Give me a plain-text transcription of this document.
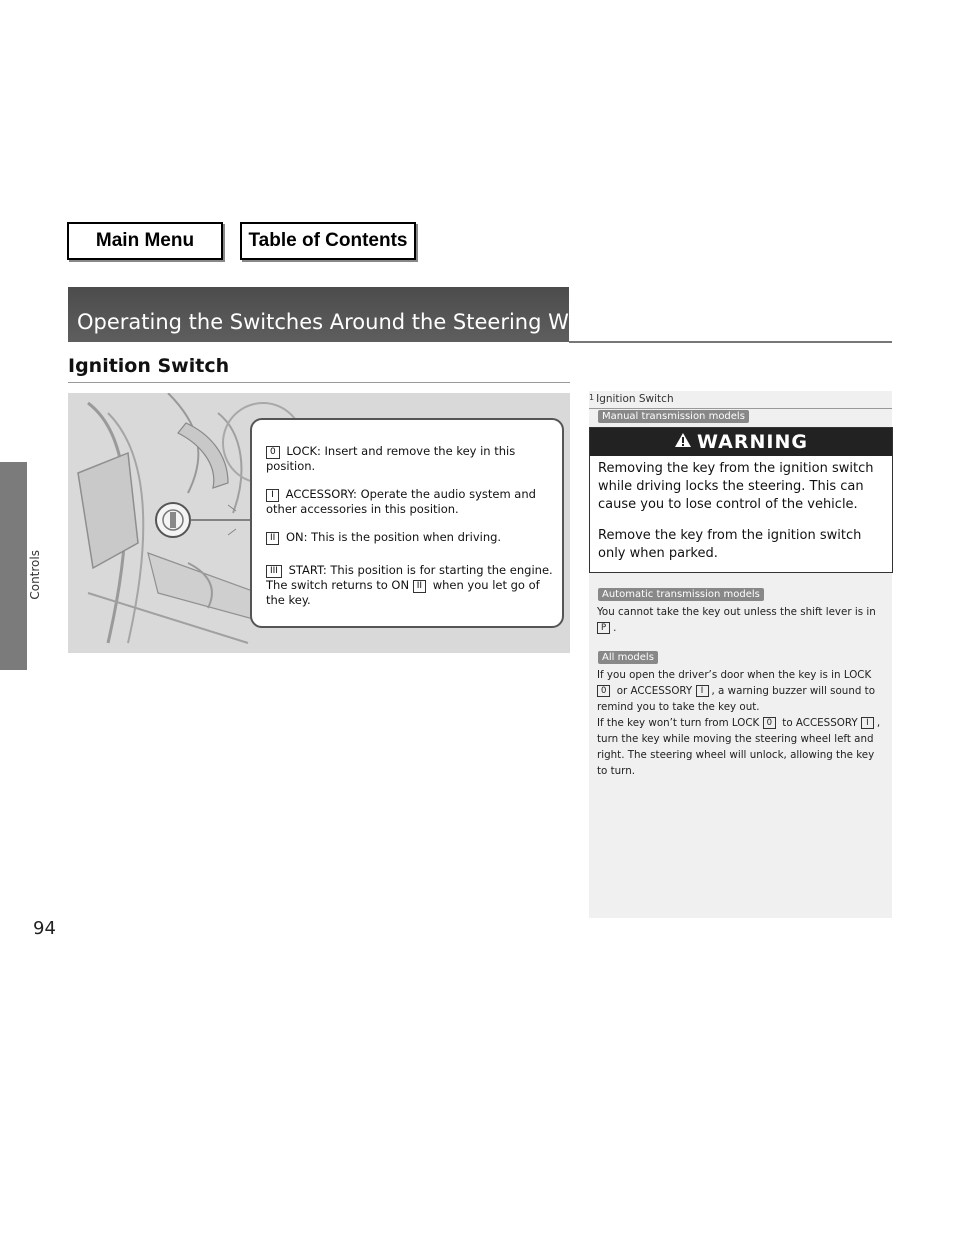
Controls
94
Main Menu	Table of Contents
Operating the Switches Around the Steering Wheel
Ignition Switch
0 LOCK: Insert and remove the key in this position.
I ACCESSORY: Operate the audio system and other accessories in this position.
II ON: This is the position when driving.
III START: This position is for starting the engine. The switch returns to ON II when you let go of the key.
1 Ignition Switch
Manual transmission models
WARNING
Removing the key from the ignition switch while driving locks the steering. This can cause you to lose control of the vehicle.
Remove the key from the ignition switch only when parked.
Automatic transmission models
You cannot take the key out unless the shift lever is in P .
All models
If you open the driver’s door when the key is in LOCK 0 or ACCESSORY I , a warning buzzer will sound to remind you to take the key out.
If the key won’t turn from LOCK 0 to ACCESSORY I , turn the key while moving the steering wheel left and right. The steering wheel will unlock, allowing the key to turn.
